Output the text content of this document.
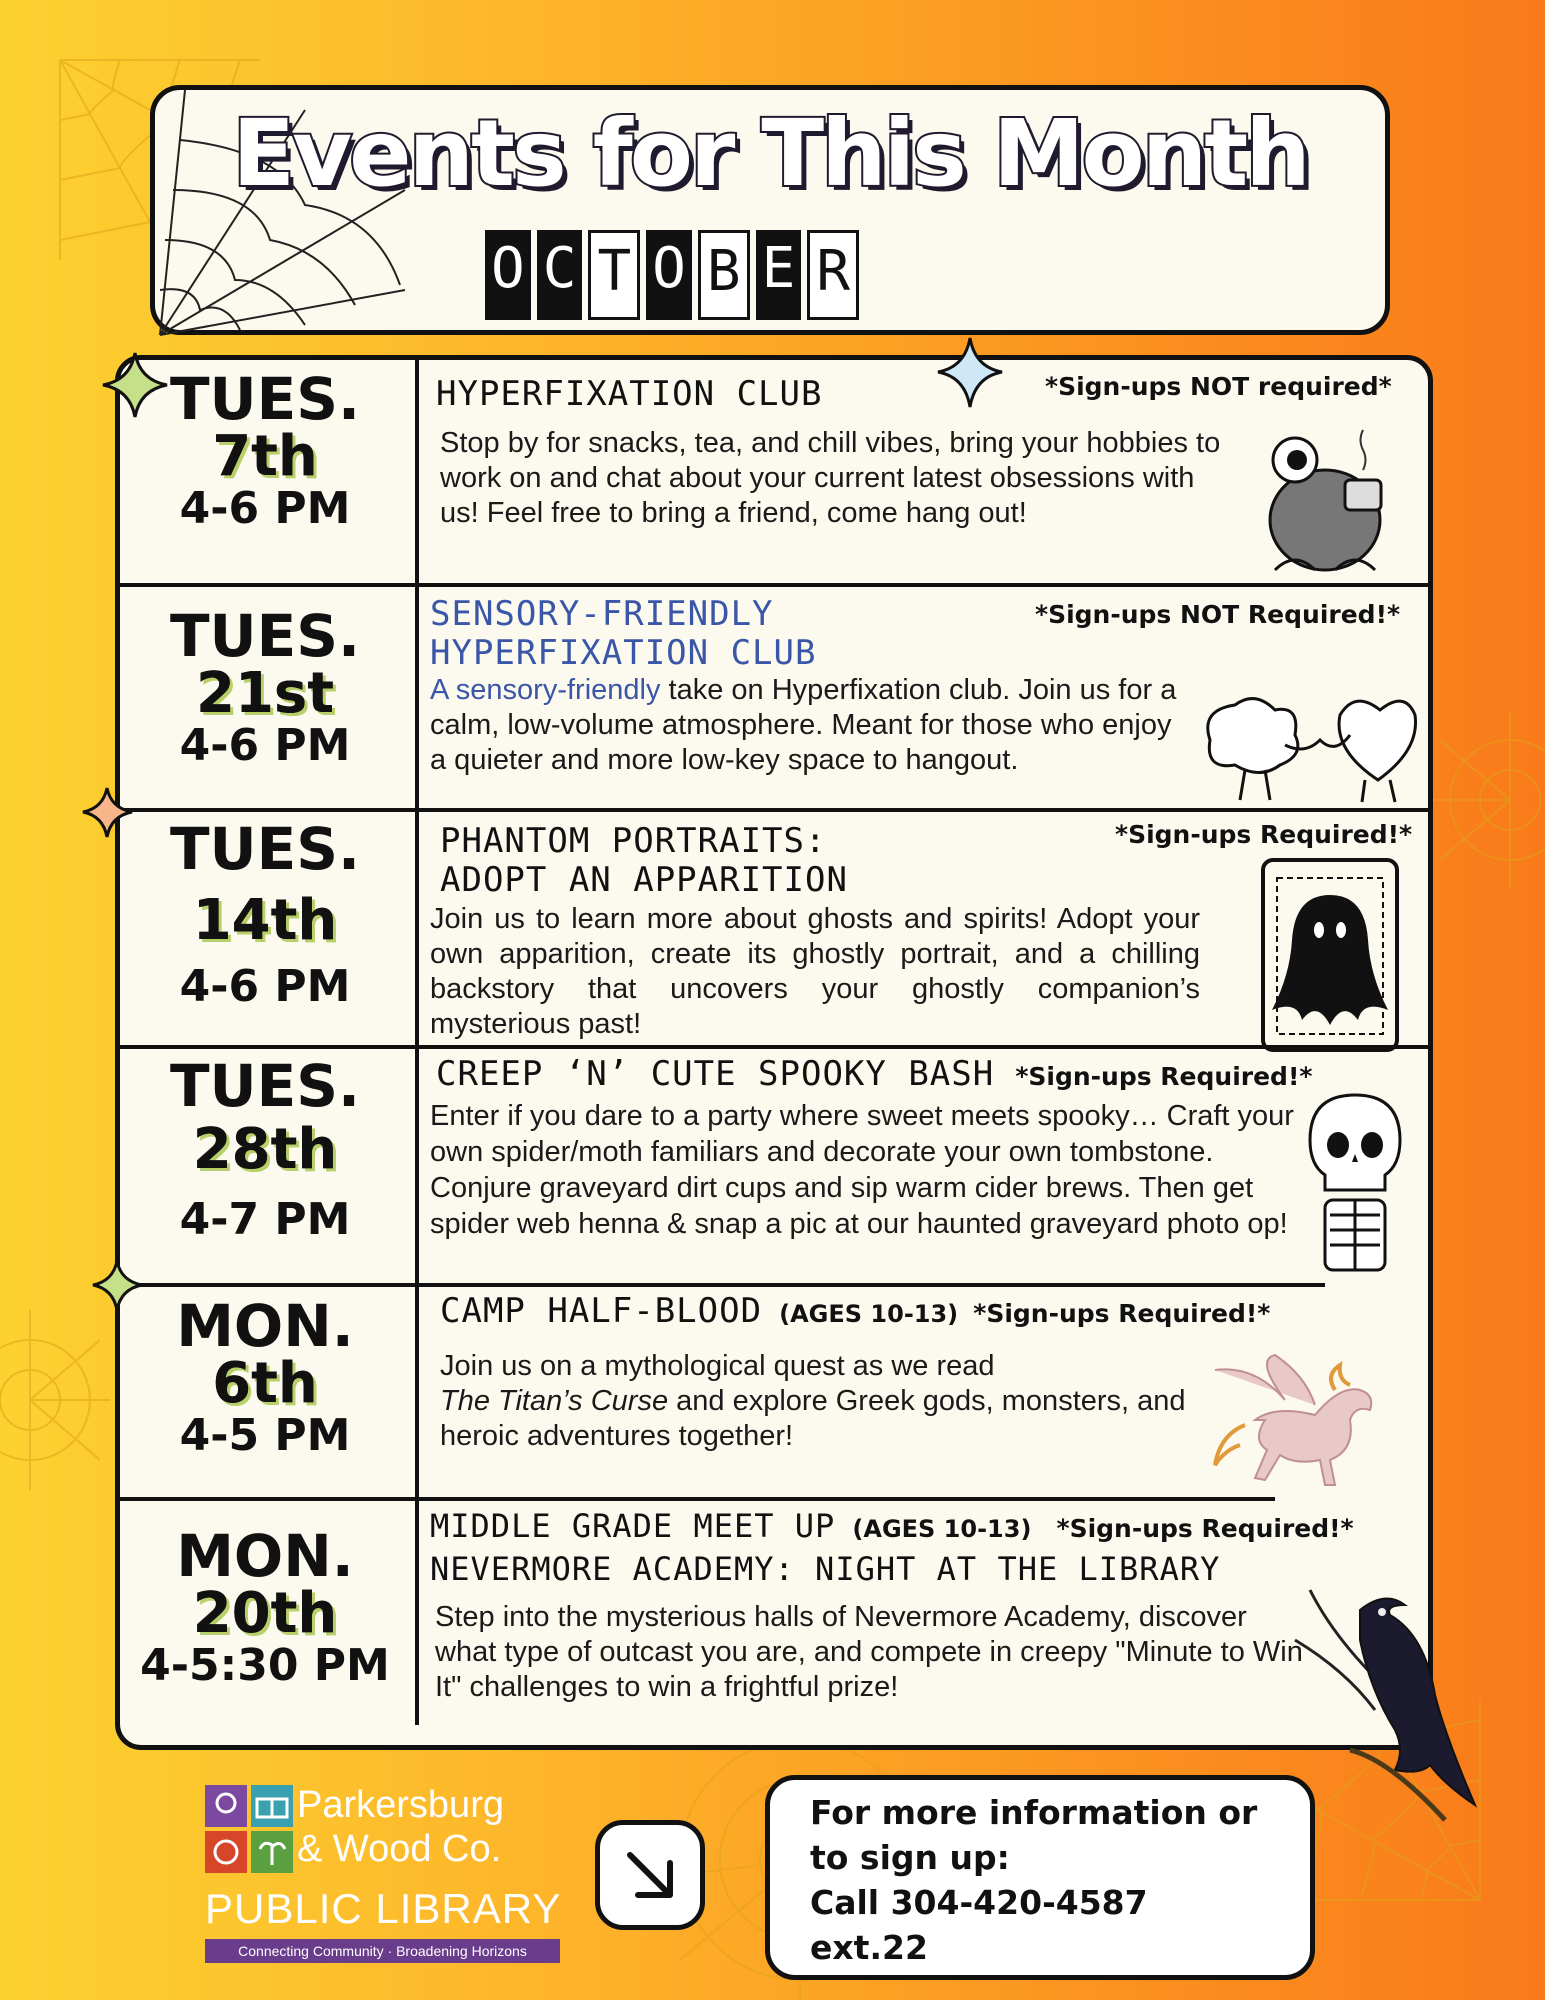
Events for This Month
O C T O B E R
TUES.
7th
4-6 PM
TUES.
21st
4-6 PM
TUES.
14th
4-6 PM
TUES.
28th
4-7 PM
MON.
6th
4-5 PM
MON.
20th
4-5:30 PM
*Sign-ups NOT required*
HYPERFIXATION CLUB
Stop by for snacks, tea, and chill vibes, bring your hobbies to work on and chat about your current latest obsessions with us! Feel free to bring a friend, come hang out!
*Sign-ups NOT Required!*
SENSORY-FRIENDLY
HYPERFIXATION CLUB
A sensory-friendly take on Hyperfixation club. Join us for a calm, low-volume atmosphere. Meant for those who enjoy a quieter and more low-key space to hangout.
*Sign-ups Required!*
PHANTOM PORTRAITS:
ADOPT AN APPARITION
Join us to learn more about ghosts and spirits! Adopt your own apparition, create its ghostly portrait, and a chilling backstory that uncovers your ghostly companion’s mysterious past!
CREEP ‘N’ CUTE SPOOKY BASH *Sign-ups Required!*
Enter if you dare to a party where sweet meets spooky… Craft your own spider/moth familiars and decorate your own tombstone. Conjure graveyard dirt cups and sip warm cider brews. Then get spider web henna & snap a pic at our haunted graveyard photo op!
CAMP HALF-BLOOD (AGES 10-13) *Sign-ups Required!*
Join us on a mythological quest as we read
The Titan’s Curse and explore Greek gods, monsters, and heroic adventures together!
MIDDLE GRADE MEET UP (AGES 10-13) *Sign-ups Required!*
NEVERMORE ACADEMY: NIGHT AT THE LIBRARY
Step into the mysterious halls of Nevermore Academy, discover what type of outcast you are, and compete in creepy "Minute to Win It" challenges to win a frightful prize!
Parkersburg
& Wood Co.
PUBLIC LIBRARY
Connecting Community · Broadening Horizons
For more information or
to sign up:
Call 304-420-4587
ext.22
